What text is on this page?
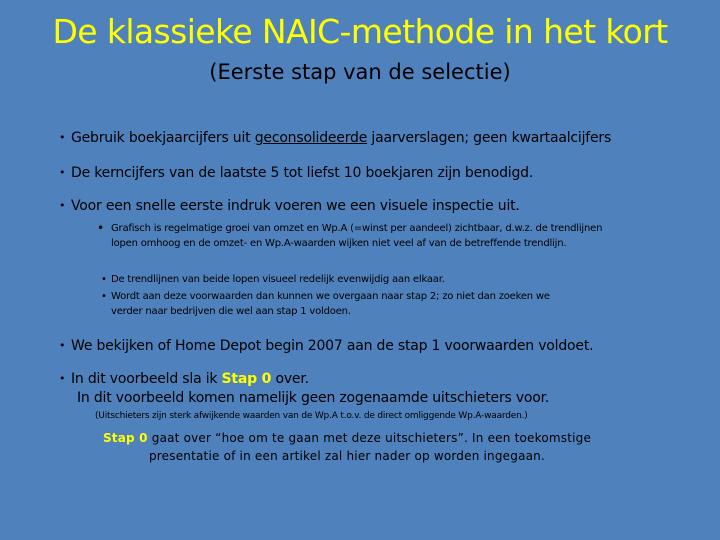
De klassieke NAIC-methode in het kort
(Eerste stap van de selectie)
• Gebruik boekjaarcijfers uit geconsolideerde jaarverslagen; geen kwartaalcijfers
• De kerncijfers van de laatste 5 tot liefst 10 boekjaren zijn benodigd.
• Voor een snelle eerste indruk voeren we een visuele inspectie uit.
• Grafisch is regelmatige groei van omzet en Wp.A (=winst per aandeel) zichtbaar, d.w.z. de trendlijnen lopen omhoog en de omzet- en Wp.A-waarden wijken niet veel af van de betreffende trendlijn.
• De trendlijnen van beide lopen visueel redelijk evenwijdig aan elkaar.
• Wordt aan deze voorwaarden dan kunnen we overgaan naar stap 2; zo niet dan zoeken we verder naar bedrijven die wel aan stap 1 voldoen.
• We bekijken of Home Depot begin 2007 aan de stap 1 voorwaarden voldoet.
• In dit voorbeeld sla ik Stap 0 over.
In dit voorbeeld komen namelijk geen zogenaamde uitschieters voor.
(Uitschieters zijn sterk afwijkende waarden van de Wp.A t.o.v. de direct omliggende Wp.A-waarden.)
Stap 0 gaat over “hoe om te gaan met deze uitschieters”. In een toekomstige presentatie of in een artikel zal hier nader op worden ingegaan.
